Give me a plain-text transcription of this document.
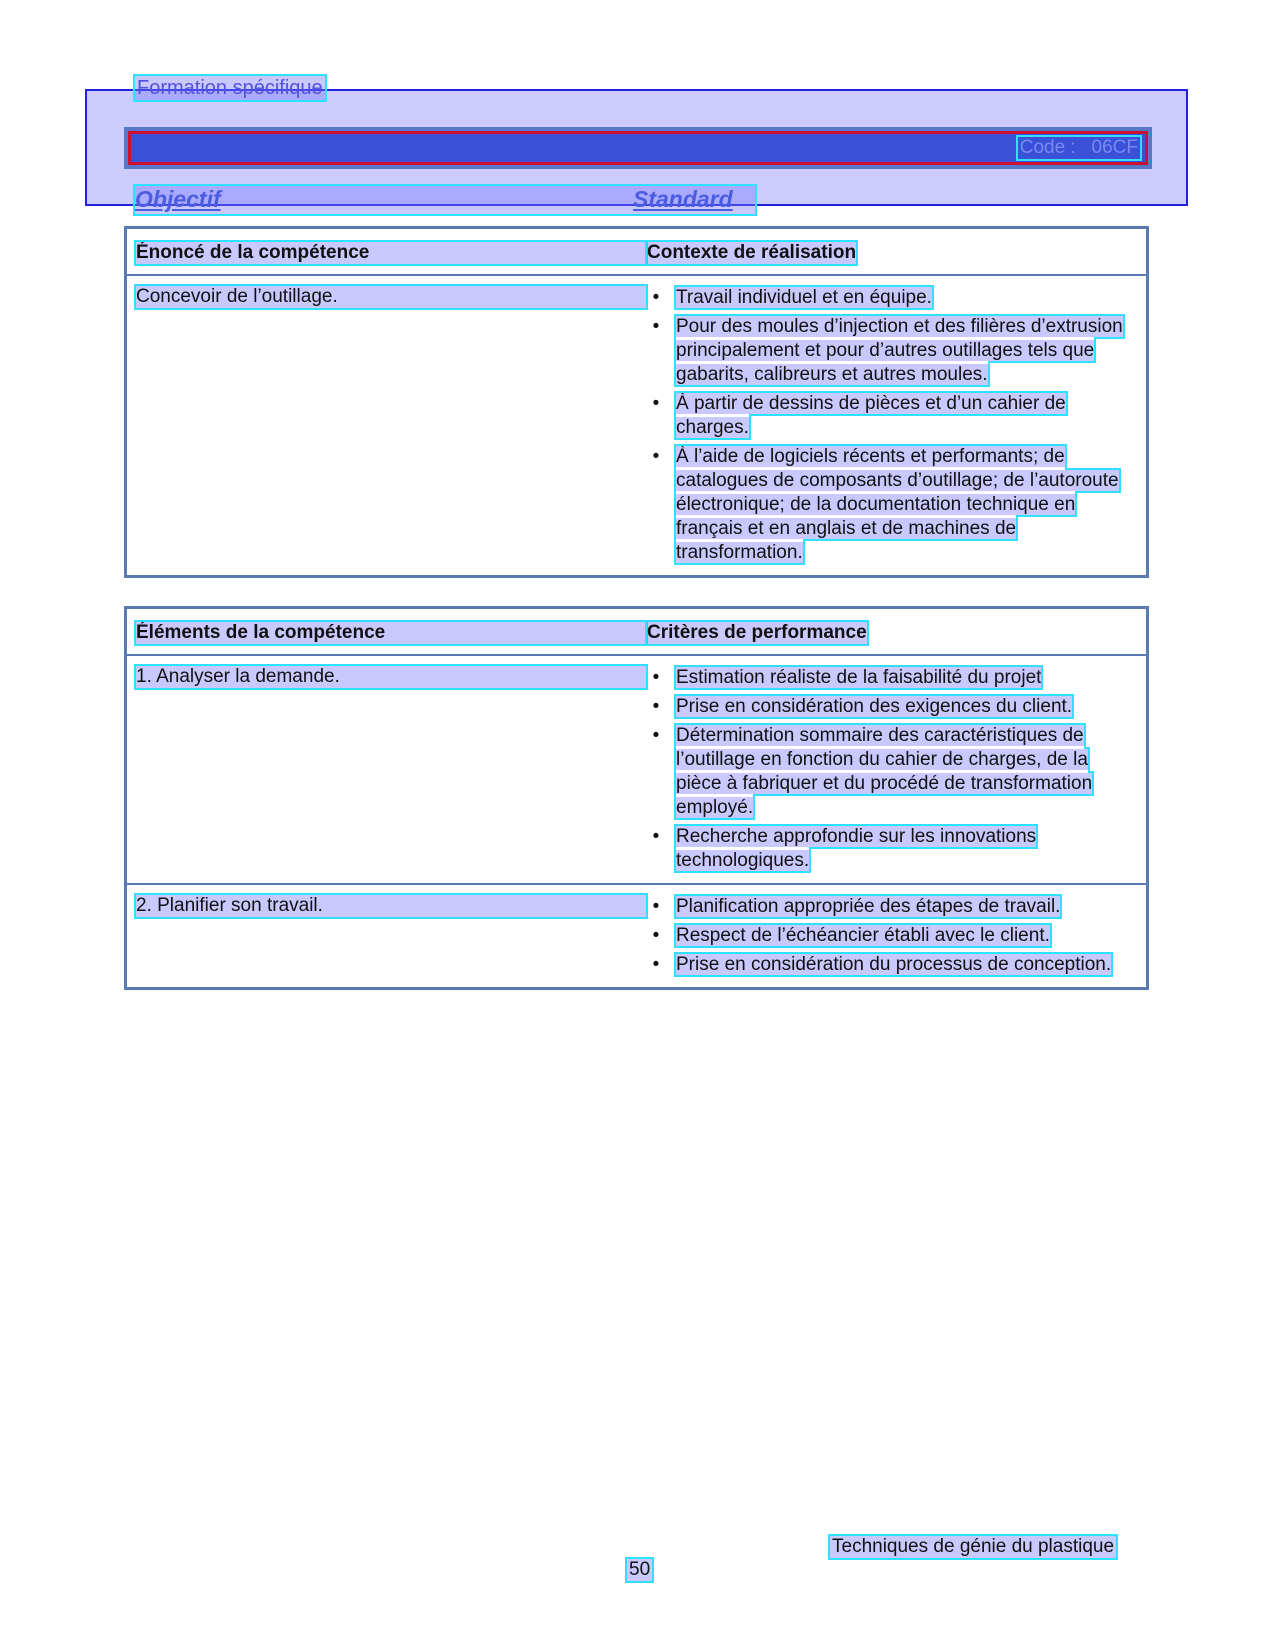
Formation spécifique
Code :   06CF
Objectif	Standard
Énoncé de la compétence	Contexte de réalisation
Concevoir de l’outillage.	• Travail individuel et en équipe.
• Pour des moules d’injection et des filières d’extrusion principalement et pour d’autres outillages tels que gabarits, calibreurs et autres moules.
• À partir de dessins de pièces et d’un cahier de charges.
• À l’aide de logiciels récents et performants; de catalogues de composants d’outillage; de l’autoroute électronique; de la documentation technique en français et en anglais et de machines de transformation.
Éléments de la compétence	Critères de performance
1. Analyser la demande.	• Estimation réaliste de la faisabilité du projet
• Prise en considération des exigences du client.
• Détermination sommaire des caractéristiques de l’outillage en fonction du cahier de charges, de la pièce à fabriquer et du procédé de transformation employé.
• Recherche approfondie sur les innovations technologiques.
2. Planifier son travail.	• Planification appropriée des étapes de travail.
• Respect de l’échéancier établi avec le client.
• Prise en considération du processus de conception.
Techniques de génie du plastique
50
